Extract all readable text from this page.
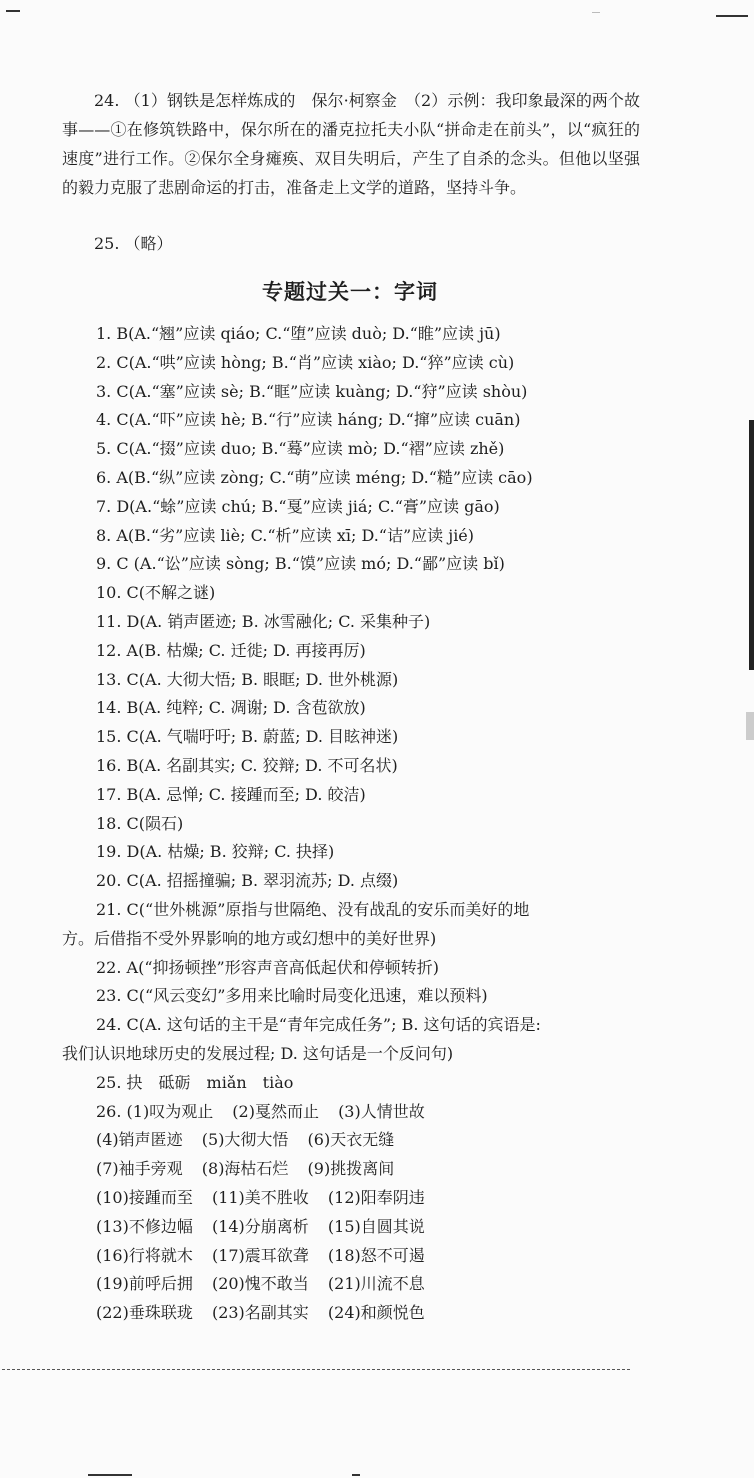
24. （1）钢铁是怎样炼成的　保尔·柯察金　（2）示例：我印象最深的两个故事——①在修筑铁路中，保尔所在的潘克拉托夫小队“拼命走在前头”，以“疯狂的速度”进行工作。②保尔全身瘫痪、双目失明后，产生了自杀的念头。但他以坚强的毅力克服了悲剧命运的打击，准备走上文学的道路，坚持斗争。

25. （略）

专题过关一：字词

1. B(A.“翘”应读 qiáo; C.“堕”应读 duò; D.“睢”应读 jū)

2. C(A.“哄”应读 hòng; B.“肖”应读 xiào; D.“猝”应读 cù)

3. C(A.“塞”应读 sè; B.“眶”应读 kuàng; D.“狩”应读 shòu)

4. C(A.“吓”应读 hè; B.“行”应读 háng; D.“撺”应读 cuān)

5. C(A.“掇”应读 duo; B.“蓦”应读 mò; D.“褶”应读 zhě)

6. A(B.“纵”应读 zòng; C.“萌”应读 méng; D.“糙”应读 cāo)

7. D(A.“蜍”应读 chú; B.“戛”应读 jiá; C.“膏”应读 gāo)

8. A(B.“劣”应读 liè; C.“析”应读 xī; D.“诘”应读 jié)

9. C (A.“讼”应读 sòng; B.“馍”应读 mó; D.“鄙”应读 bǐ)

10. C(不解之谜)

11. D(A. 销声匿迹; B. 冰雪融化; C. 采集种子)

12. A(B. 枯燥; C. 迁徙; D. 再接再厉)

13. C(A. 大彻大悟; B. 眼眶; D. 世外桃源)

14. B(A. 纯粹; C. 凋谢; D. 含苞欲放)

15. C(A. 气喘吁吁; B. 蔚蓝; D. 目眩神迷)

16. B(A. 名副其实; C. 狡辩; D. 不可名状)

17. B(A. 忌惮; C. 接踵而至; D. 皎洁)

18. C(陨石)

19. D(A. 枯燥; B. 狡辩; C. 抉择)

20. C(A. 招摇撞骗; B. 翠羽流苏; D. 点缀)

21. C(“世外桃源”原指与世隔绝、没有战乱的安乐而美好的地

方。后借指不受外界影响的地方或幻想中的美好世界)

22. A(“抑扬顿挫”形容声音高低起伏和停顿转折)

23. C(“风云变幻”多用来比喻时局变化迅速，难以预料)

24. C(A. 这句话的主干是“青年完成任务”; B. 这句话的宾语是:

我们认识地球历史的发展过程; D. 这句话是一个反问句)

25. 抉　砥砺　miǎn　tiào

26. (1)叹为观止 (2)戛然而止 (3)人情世故

(4)销声匿迹 (5)大彻大悟 (6)天衣无缝

(7)袖手旁观 (8)海枯石烂 (9)挑拨离间

(10)接踵而至 (11)美不胜收 (12)阳奉阴违

(13)不修边幅 (14)分崩离析 (15)自圆其说

(16)行将就木 (17)震耳欲聋 (18)怒不可遏

(19)前呼后拥 (20)愧不敢当 (21)川流不息

(22)垂珠联珑 (23)名副其实 (24)和颜悦色
